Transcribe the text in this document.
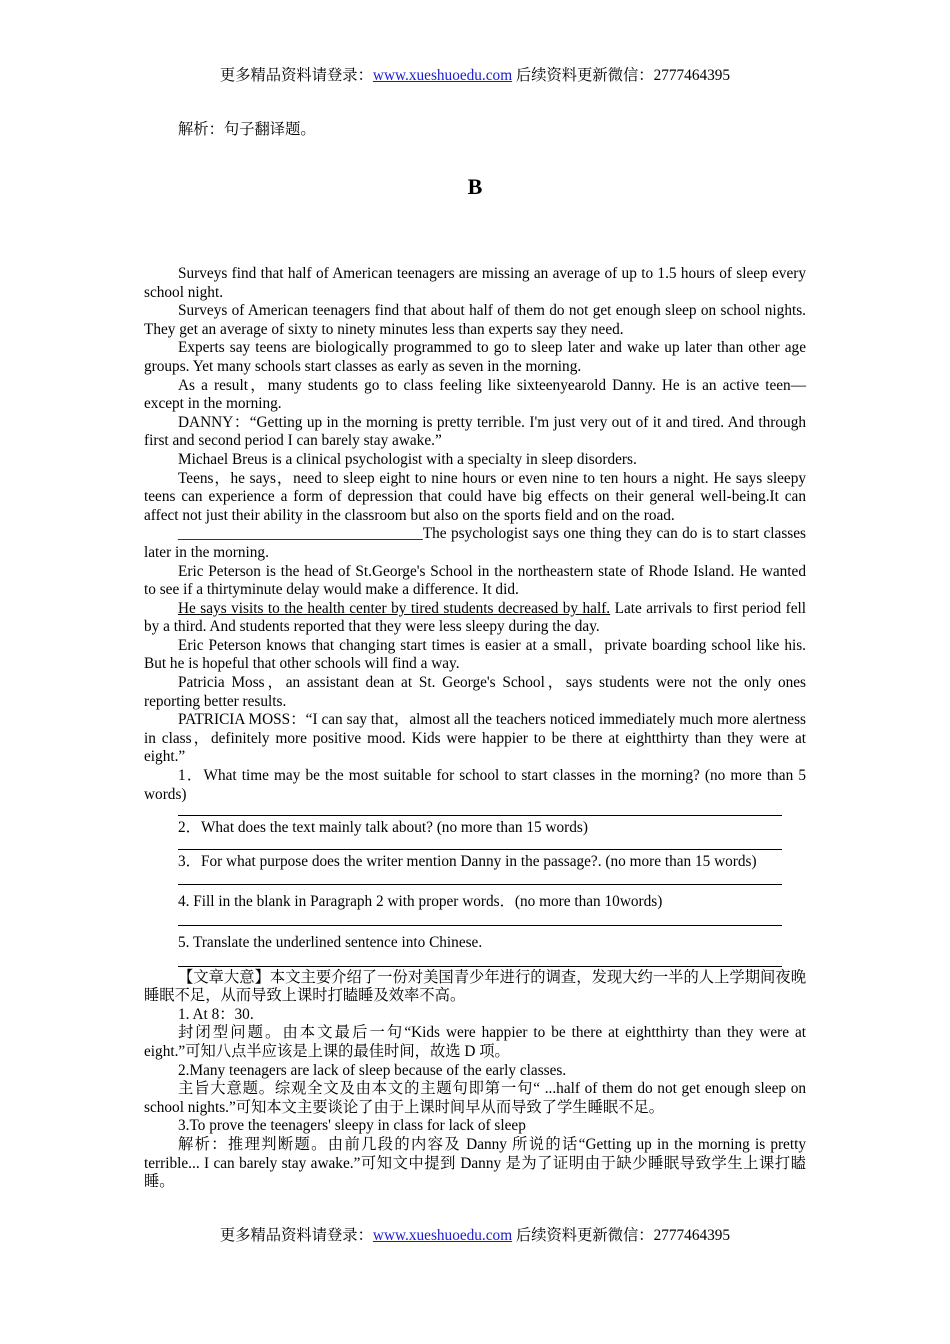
更多精品资料请登录：www.xueshuoedu.com 后续资料更新微信：2777464395
解析：句子翻译题。
B

Surveys find that half of American teenagers are missing an average of up to 1.5 hours of sleep every school night.

Surveys of American teenagers find that about half of them do not get enough sleep on school nights. They get an average of sixty to ninety minutes less than experts say they need.

Experts say teens are biologically programmed to go to sleep later and wake up later than other age groups. Yet many schools start classes as early as seven in the morning.

As a result，many students go to class feeling like sixteenyearold Danny. He is an active teen—except in the morning.

DANNY：“Getting up in the morning is pretty terrible. I'm just very out of it and tired. And through first and second period I can barely stay awake.”

Michael Breus is a clinical psychologist with a specialty in sleep disorders.

Teens，he says，need to sleep eight to nine hours or even nine to ten hours a night. He says sleepy teens can experience a form of depression that could have big effects on their general well-being.It can affect not just their ability in the classroom but also on the sports field and on the road.

________________________________The psychologist says one thing they can do is to start classes later in the morning.

Eric Peterson is the head of St.George's School in the northeastern state of Rhode Island. He wanted to see if a thirtyminute delay would make a difference. It did.

He says visits to the health center by tired students decreased by half. Late arrivals to first period fell by a third. And students reported that they were less sleepy during the day.

Eric Peterson knows that changing start times is easier at a small，private boarding school like his. But he is hopeful that other schools will find a way.

Patricia Moss，an assistant dean at St. George's School，says students were not the only ones reporting better results.

PATRICIA MOSS：“I can say that，almost all the teachers noticed immediately much more alertness in class，definitely more positive mood. Kids were happier to be there at eightthirty than they were at eight.”

1．What time may be the most suitable for school to start classes in the morning? (no more than 5 words)

2．What does the text mainly talk about? (no more than 15 words)

3．For what purpose does the writer mention Danny in the passage?. (no more than 15 words)

4. Fill in the blank in Paragraph 2 with proper words．(no more than 10words)

5. Translate the underlined sentence into Chinese.

【文章大意】本文主要介绍了一份对美国青少年进行的调查，发现大约一半的人上学期间夜晚睡眠不足，从而导致上课时打瞌睡及效率不高。

1. At 8：30.

封闭型问题。由本文最后一句“Kids were happier to be there at eightthirty than they were at eight.”可知八点半应该是上课的最佳时间，故选 D 项。

2.Many teenagers are lack of sleep because of the early classes.

主旨大意题。综观全文及由本文的主题句即第一句“ ...half of them do not get enough sleep on school nights.”可知本文主要谈论了由于上课时间早从而导致了学生睡眠不足。

3.To prove the teenagers' sleepy in class for lack of sleep

解析：推理判断题。由前几段的内容及 Danny 所说的话“Getting up in the morning is pretty terrible... I can barely stay awake.”可知文中提到 Danny 是为了证明由于缺少睡眠导致学生上课打瞌睡。

更多精品资料请登录：www.xueshuoedu.com 后续资料更新微信：2777464395
